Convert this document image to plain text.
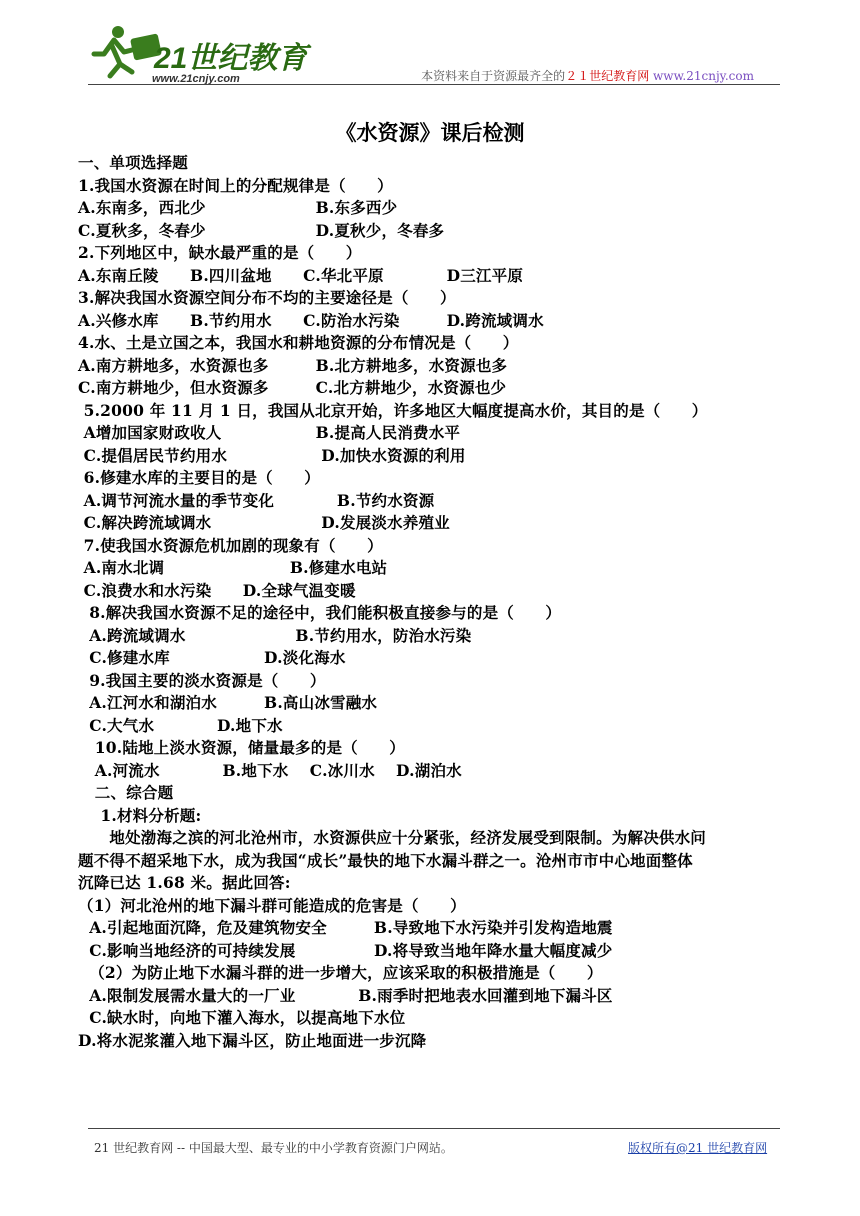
21世纪教育
www.21cnjy.com	本资料来自于资源最齐全的２１世纪教育网 www.21cnjy.com
《水资源》课后检测
一、单项选择题
1.我国水资源在时间上的分配规律是（　　）
A.东南多，西北少　　　　　　　B.东多西少
C.夏秋多，冬春少　　　　　　　D.夏秋少，冬春多
2.下列地区中，缺水最严重的是（　　）
A.东南丘陵　　B.四川盆地　　C.华北平原　　　　D三江平原
3.解决我国水资源空间分布不均的主要途径是（　　）
A.兴修水库　　B.节约用水　　C.防治水污染　　　D.跨流域调水
4.水、土是立国之本，我国水和耕地资源的分布情况是（　　）
A.南方耕地多，水资源也多　　　B.北方耕地多，水资源也多
C.南方耕地少，但水资源多　　　C.北方耕地少，水资源也少
5.2000 年 11 月 1 日，我国从北京开始，许多地区大幅度提高水价，其目的是（　　）
A增加国家财政收人　　　　　　B.提高人民消费水平
C.提倡居民节约用水　　　　　　D.加快水资源的利用
6.修建水库的主要目的是（　　）
A.调节河流水量的季节变化　　　　B.节约水资源
C.解决跨流域调水　　　　　　　D.发展淡水养殖业
7.使我国水资源危机加剧的现象有（　　）
A.南水北调　　　　　　　　B.修建水电站
C.浪费水和水污染　　D.全球气温变暖
8.解决我国水资源不足的途径中，我们能积极直接参与的是（　　）
A.跨流域调水　　　　　　　B.节约用水，防治水污染
C.修建水库　　　　　　D.淡化海水
9.我国主要的淡水资源是（　　）
A.江河水和湖泊水　　　B.高山冰雪融水
C.大气水　　　　D.地下水
10.陆地上淡水资源，储量最多的是（　　）
A.河流水　　　　B.地下水　 C.冰川水　 D.湖泊水
二、综合题
1.材料分析题:
　　地处渤海之滨的河北沧州市，水资源供应十分紧张，经济发展受到限制。为解决供水问
题不得不超采地下水，成为我国“成长”最快的地下水漏斗群之一。沧州市市中心地面整体
沉降已达 1.68 米。据此回答:
（1）河北沧州的地下漏斗群可能造成的危害是（　　）
A.引起地面沉降，危及建筑物安全　　　B.导致地下水污染并引发构造地震
C.影响当地经济的可持续发展　　　　　D.将导致当地年降水量大幅度减少
（2）为防止地下水漏斗群的进一步增大，应该采取的积极措施是（　　）
A.限制发展需水量大的一厂业　　　　B.雨季时把地表水回灌到地下漏斗区
C.缺水时，向地下灌入海水，以提高地下水位
D.将水泥浆灌入地下漏斗区，防止地面进一步沉降
21 世纪教育网 -- 中国最大型、最专业的中小学教育资源门户网站。	版权所有@21 世纪教育网
